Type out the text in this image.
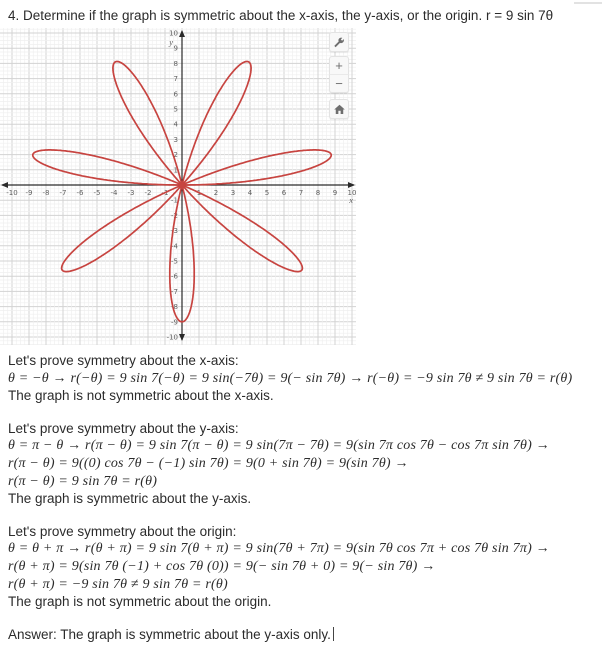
4. Determine if the graph is symmetric about the x-axis, the y-axis, or the origin. r = 9 sin 7θ
-10 -9 -8 -7 -6 -5 -4 -3 -2 -1	1 2 3 4 5 6 7 8 9 10
-10
-9
-8
-7
-6
-5
-4
-3
-2
-1
1
2
3
4
5
6
7
8
9
10
x
y
+
−

Let's prove symmetry about the x-axis:

θ = −θ → r(−θ) = 9 sin 7(−θ) = 9 sin(−7θ) = 9(− sin 7θ) → r(−θ) = −9 sin 7θ ≠ 9 sin 7θ = r(θ)

The graph is not symmetric about the x-axis.

Let's prove symmetry about the y-axis:

θ = π − θ → r(π − θ) = 9 sin 7(π − θ) = 9 sin(7π − 7θ) = 9(sin 7π cos 7θ − cos 7π sin 7θ) →

r(π − θ) = 9((0) cos 7θ − (−1) sin 7θ) = 9(0 + sin 7θ) = 9(sin 7θ) →

r(π − θ) = 9 sin 7θ = r(θ)

The graph is symmetric about the y-axis.

Let's prove symmetry about the origin:

θ = θ + π → r(θ + π) = 9 sin 7(θ + π) = 9 sin(7θ + 7π) = 9(sin 7θ cos 7π + cos 7θ sin 7π) →

r(θ + π) = 9(sin 7θ (−1) + cos 7θ (0)) = 9(− sin 7θ + 0) = 9(− sin 7θ) →

r(θ + π) = −9 sin 7θ ≠ 9 sin 7θ = r(θ)

The graph is not symmetric about the origin.

Answer: The graph is symmetric about the y-axis only.
